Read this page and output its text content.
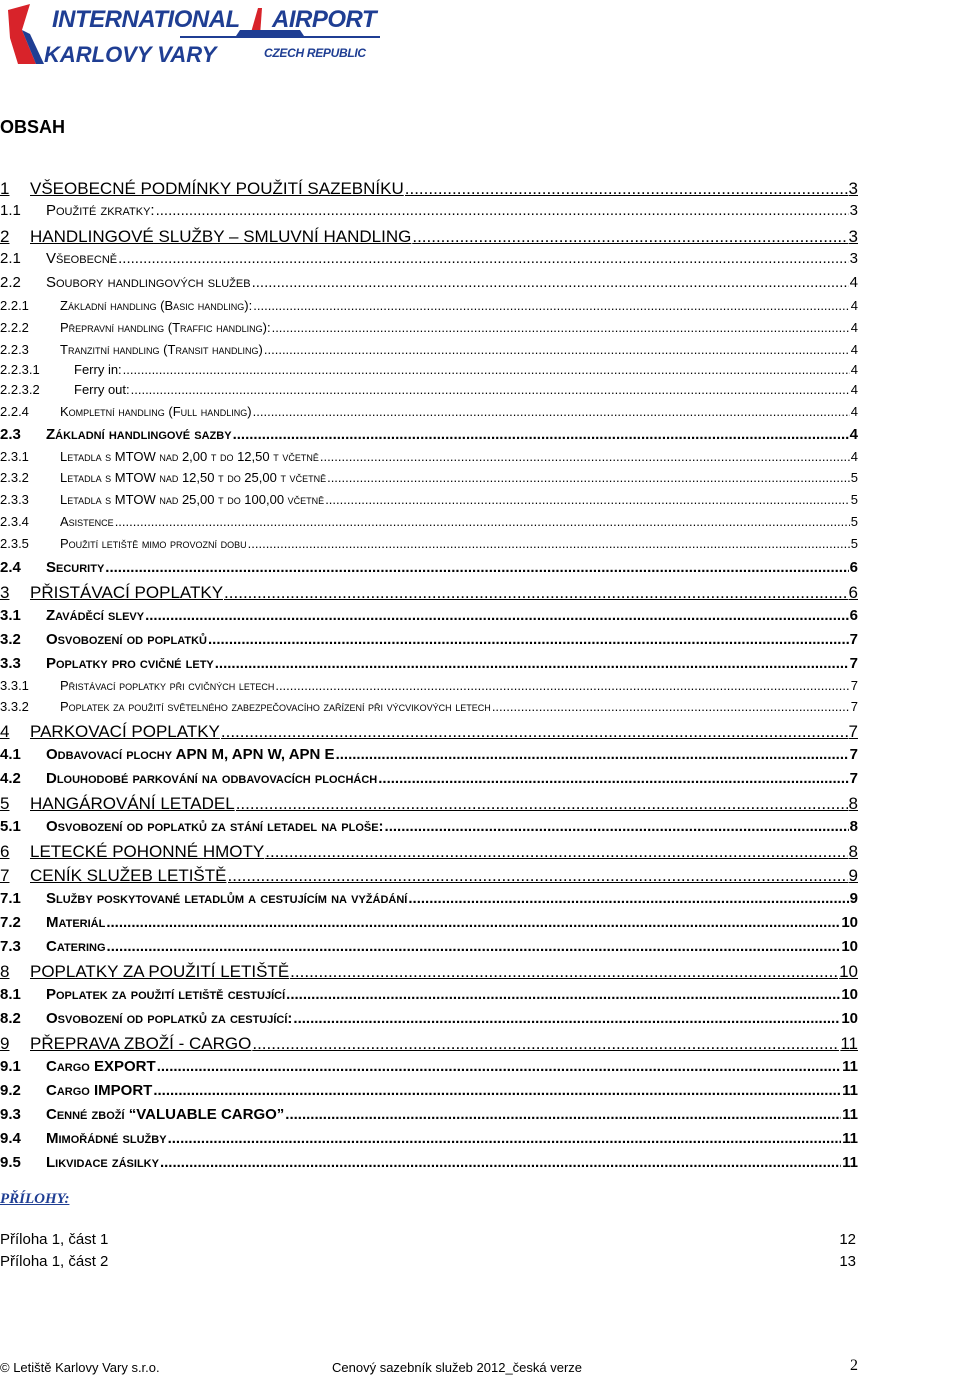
INTERNATIONAL AIRPORT
KARLOVY VARY	CZECH REPUBLIC
OBSAH
1	VŠEOBECNÉ PODMÍNKY POUŽITÍ SAZEBNÍKU .....	3
1.1	Použité zkratky: .....	3
2	HANDLINGOVÉ SLUŽBY – SMLUVNÍ HANDLING .....	3
2.1	Všeobecně .....	3
2.2	Soubory handlingových služeb .....	4
2.2.1	Základní handling (Basic handling): .....	4
2.2.2	Přepravní handling (Traffic handling): .....	4
2.2.3	Tranzitní handling (Transit handling) .....	4
2.2.3.1	Ferry in: .....	4
2.2.3.2	Ferry out: .....	4
2.2.4	Kompletní handling (Full handling) .....	4
2.3	Základní handlingové sazby .....	4
2.3.1	Letadla s MTOW nad 2,00 t do 12,50 t včetně .....	4
2.3.2	Letadla s MTOW nad 12,50 t do 25,00 t včetně .....	5
2.3.3	Letadla s MTOW nad 25,00 t do 100,00 včetně .....	5
2.3.4	Asistence .....	5
2.3.5	Použití letiště mimo provozní dobu .....	5
2.4	Security .....	6
3	PŘISTÁVACÍ POPLATKY .....	6
3.1	Zaváděcí slevy .....	6
3.2	Osvobození od poplatků .....	7
3.3	Poplatky pro cvičné lety .....	7
3.3.1	Přistávací poplatky při cvičných letech .....	7
3.3.2	Poplatek za použití světelného zabezpečovacího zařízení při výcvikových letech .....	7
4	PARKOVACÍ POPLATKY .....	7
4.1	Odbavovací plochy APN M, APN W, APN E .....	7
4.2	Dlouhodobé parkování na odbavovacích plochách .....	7
5	HANGÁROVÁNÍ LETADEL .....	8
5.1	Osvobození od poplatků za stání letadel na ploše: .....	8
6	LETECKÉ POHONNÉ HMOTY .....	8
7	CENÍK SLUŽEB LETIŠTĚ .....	9
7.1	Služby poskytované letadlům a cestujícím na vyžádání .....	9
7.2	Materiál .....	10
7.3	Catering .....	10
8	POPLATKY ZA POUŽITÍ LETIŠTĚ .....	10
8.1	Poplatek za použití letiště cestující .....	10
8.2	Osvobození od poplatků za cestující: .....	10
9	PŘEPRAVA ZBOŽÍ - CARGO .....	11
9.1	Cargo EXPORT .....	11
9.2	Cargo IMPORT .....	11
9.3	Cenné zboží “VALUABLE CARGO” .....	11
9.4	Mimořádné služby .....	11
9.5	Likvidace zásilky .....	11
PŘÍLOHY:
Příloha 1, část 1	12
Příloha 1, část 2	13
© Letiště Karlovy Vary s.r.o.	Cenový sazebník služeb 2012_česká verze	2
